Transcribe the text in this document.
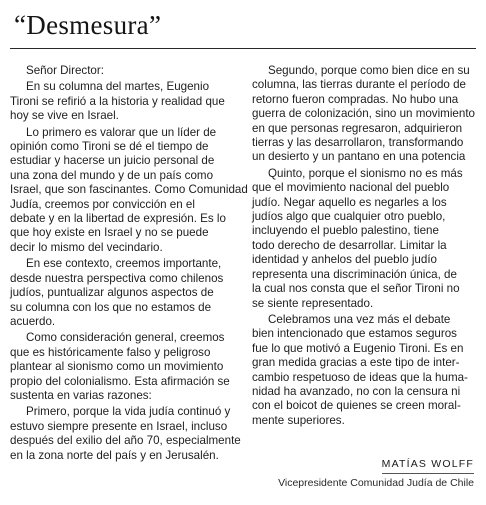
“Desmesura”

Señor Director:

En su columna del martes, Eugenio
Tironi se refirió a la historia y realidad que
hoy se vive en Israel.

Lo primero es valorar que un líder de
opinión como Tironi se dé el tiempo de
estudiar y hacerse un juicio personal de
una zona del mundo y de un país como
Israel, que son fascinantes. Como Comunidad
Judía, creemos por convicción en el
debate y en la libertad de expresión. Es lo
que hoy existe en Israel y no se puede
decir lo mismo del vecindario.

En ese contexto, creemos importante,
desde nuestra perspectiva como chilenos
judíos, puntualizar algunos aspectos de
su columna con los que no estamos de
acuerdo.

Como consideración general, creemos
que es históricamente falso y peligroso
plantear al sionismo como un movimiento
propio del colonialismo. Esta afirmación se
sustenta en varias razones:

Primero, porque la vida judía continuó y
estuvo siempre presente en Israel, incluso
después del exilio del año 70, especialmente
en la zona norte del país y en Jerusalén.

Segundo, porque como bien dice en su
columna, las tierras durante el período de
retorno fueron compradas. No hubo una
guerra de colonización, sino un movimiento
en que personas regresaron, adquirieron
tierras y las desarrollaron, transformando
un desierto y un pantano en una potencia

Quinto, porque el sionismo no es más
que el movimiento nacional del pueblo
judío. Negar aquello es negarles a los
judíos algo que cualquier otro pueblo,
incluyendo el pueblo palestino, tiene
todo derecho de desarrollar. Limitar la
identidad y anhelos del pueblo judío
representa una discriminación única, de
la cual nos consta que el señor Tironi no
se siente representado.

Celebramos una vez más el debate
bien intencionado que estamos seguros
fue lo que motivó a Eugenio Tironi. Es en
gran medida gracias a este tipo de inter-
cambio respetuoso de ideas que la huma-
nidad ha avanzado, no con la censura ni
con el boicot de quienes se creen moral-
mente superiores.

MATÍAS WOLFF
Vicepresidente Comunidad Judía de Chile
